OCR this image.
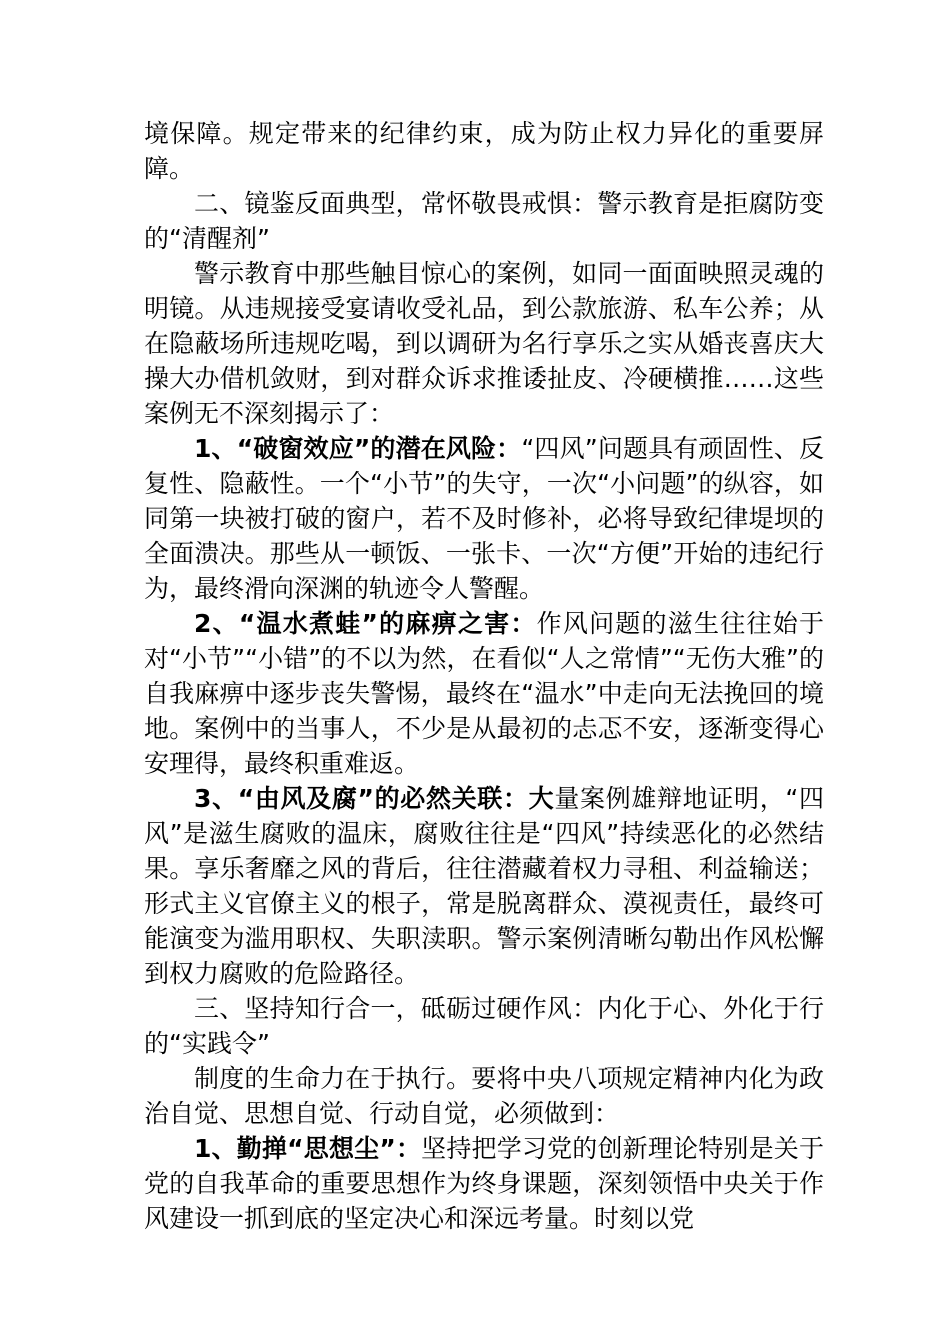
境保障。规定带来的纪律约束，成为防止权力异化的重要屏障。

二、镜鉴反面典型，常怀敬畏戒惧：警示教育是拒腐防变的“清醒剂”

警示教育中那些触目惊心的案例，如同一面面映照灵魂的明镜。从违规接受宴请收受礼品，到公款旅游、私车公养；从在隐蔽场所违规吃喝，到以调研为名行享乐之实从婚丧喜庆大操大办借机敛财，到对群众诉求推诿扯皮、冷硬横推……这些案例无不深刻揭示了：

1、“破窗效应”的潜在风险：“四风”问题具有顽固性、反复性、隐蔽性。一个“小节”的失守，一次“小问题”的纵容，如同第一块被打破的窗户，若不及时修补，必将导致纪律堤坝的全面溃决。那些从一顿饭、一张卡、一次“方便”开始的违纪行为，最终滑向深渊的轨迹令人警醒。

2、“温水煮蛙”的麻痹之害：作风问题的滋生往往始于对“小节”“小错”的不以为然，在看似“人之常情”“无伤大雅”的自我麻痹中逐步丧失警惕，最终在“温水”中走向无法挽回的境地。案例中的当事人，不少是从最初的忐忑不安，逐渐变得心安理得，最终积重难返。

3、“由风及腐”的必然关联：大量案例雄辩地证明，“四风”是滋生腐败的温床，腐败往往是“四风”持续恶化的必然结果。享乐奢靡之风的背后，往往潜藏着权力寻租、利益输送；形式主义官僚主义的根子，常是脱离群众、漠视责任，最终可能演变为滥用职权、失职渎职。警示案例清晰勾勒出作风松懈到权力腐败的危险路径。

三、坚持知行合一，砥砺过硬作风：内化于心、外化于行的“实践令”

制度的生命力在于执行。要将中央八项规定精神内化为政治自觉、思想自觉、行动自觉，必须做到：

1、勤掸“思想尘”：坚持把学习党的创新理论特别是关于党的自我革命的重要思想作为终身课题，深刻领悟中央关于作风建设一抓到底的坚定决心和深远考量。时刻以党
